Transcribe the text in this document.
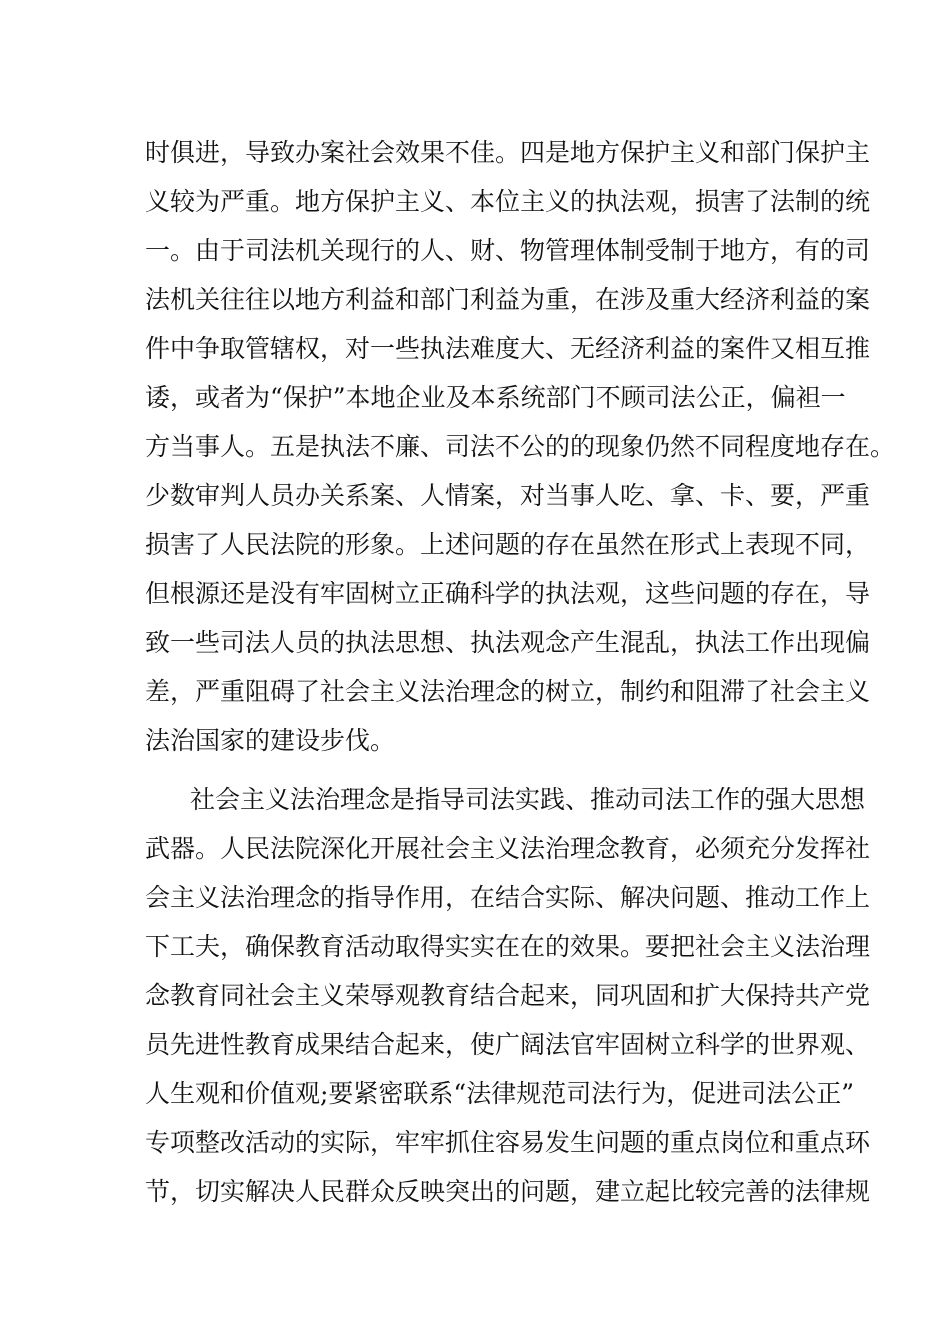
时俱进，导致办案社会效果不佳。四是地方保护主义和部门保护主
义较为严重。地方保护主义、本位主义的执法观，损害了法制的统
一。由于司法机关现行的人、财、物管理体制受制于地方，有的司
法机关往往以地方利益和部门利益为重，在涉及重大经济利益的案
件中争取管辖权，对一些执法难度大、无经济利益的案件又相互推
诿，或者为“保护”本地企业及本系统部门不顾司法公正，偏袒一
方当事人。五是执法不廉、司法不公的的现象仍然不同程度地存在。
少数审判人员办关系案、人情案，对当事人吃、拿、卡、要，严重
损害了人民法院的形象。上述问题的存在虽然在形式上表现不同，
但根源还是没有牢固树立正确科学的执法观，这些问题的存在，导
致一些司法人员的执法思想、执法观念产生混乱，执法工作出现偏
差，严重阻碍了社会主义法治理念的树立，制约和阻滞了社会主义
法治国家的建设步伐。
社会主义法治理念是指导司法实践、推动司法工作的强大思想
武器。人民法院深化开展社会主义法治理念教育，必须充分发挥社
会主义法治理念的指导作用，在结合实际、解决问题、推动工作上
下工夫，确保教育活动取得实实在在的效果。要把社会主义法治理
念教育同社会主义荣辱观教育结合起来，同巩固和扩大保持共产党
员先进性教育成果结合起来，使广阔法官牢固树立科学的世界观、
人生观和价值观;要紧密联系“法律规范司法行为，促进司法公正”
专项整改活动的实际，牢牢抓住容易发生问题的重点岗位和重点环
节，切实解决人民群众反映突出的问题，建立起比较完善的法律规
